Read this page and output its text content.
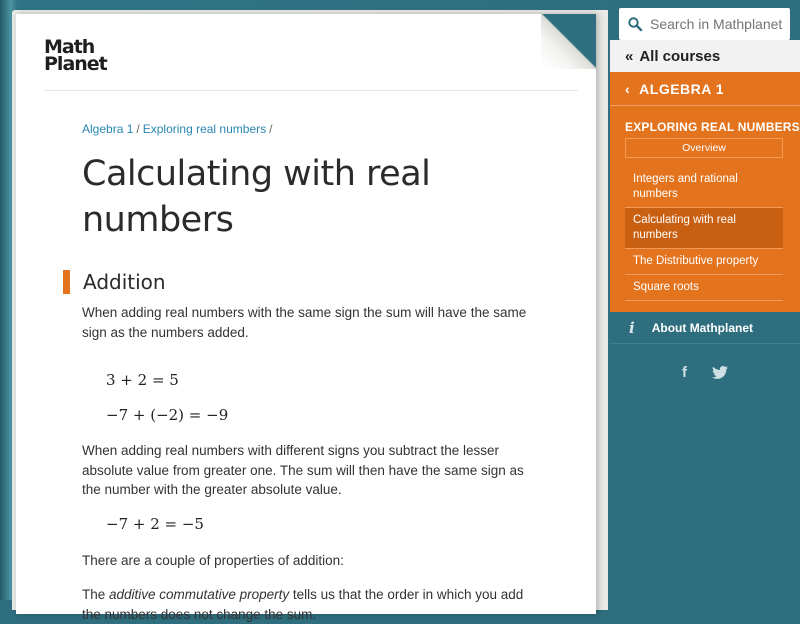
Math
Planet
Algebra 1 / Exploring real numbers /
Calculating with real numbers
Addition

When adding real numbers with the same sign the sum will have the same sign as the numbers added.

3 + 2 = 5
−7 + (−2) = −9

When adding real numbers with different signs you subtract the lesser absolute value from greater one. The sum will then have the same sign as the number with the greater absolute value.

−7 + 2 = −5

There are a couple of properties of addition:

The additive commutative property tells us that the order in which you add the numbers does not change the sum.

Search in Mathplanet
« All courses
‹ ALGEBRA 1
EXPLORING REAL NUMBERS
Overview
Integers and rational numbers
Calculating with real numbers
The Distributive property
Square roots
i About Mathplanet
f
